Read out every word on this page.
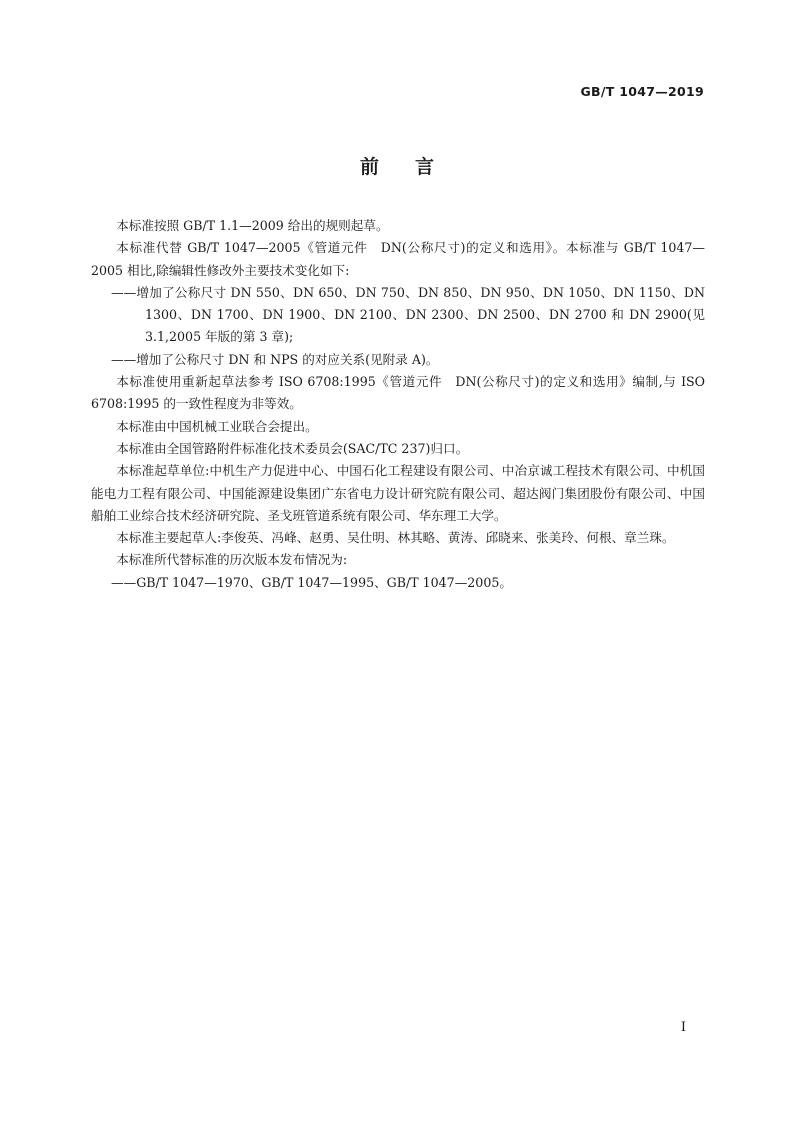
GB/T 1047—2019
前言

本标准按照 GB/T 1.1—2009 给出的规则起草。

本标准代替 GB/T 1047—2005《管道元件　DN(公称尺寸)的定义和选用》。本标准与 GB/T 1047—2005 相比,除编辑性修改外主要技术变化如下:

——增加了公称尺寸 DN 550、DN 650、DN 750、DN 850、DN 950、DN 1050、DN 1150、DN 1300、DN 1700、DN 1900、DN 2100、DN 2300、DN 2500、DN 2700 和 DN 2900(见 3.1,2005 年版的第 3 章);

——增加了公称尺寸 DN 和 NPS 的对应关系(见附录 A)。

本标准使用重新起草法参考 ISO 6708:1995《管道元件　DN(公称尺寸)的定义和选用》编制,与 ISO 6708:1995 的一致性程度为非等效。

本标准由中国机械工业联合会提出。

本标准由全国管路附件标准化技术委员会(SAC/TC 237)归口。

本标准起草单位:中机生产力促进中心、中国石化工程建设有限公司、中冶京诚工程技术有限公司、中机国能电力工程有限公司、中国能源建设集团广东省电力设计研究院有限公司、超达阀门集团股份有限公司、中国船舶工业综合技术经济研究院、圣戈班管道系统有限公司、华东理工大学。

本标准主要起草人:李俊英、冯峰、赵勇、吴仕明、林其略、黄涛、邱晓来、张美玲、何根、章兰珠。

本标准所代替标准的历次版本发布情况为:

——GB/T 1047—1970、GB/T 1047—1995、GB/T 1047—2005。

I
